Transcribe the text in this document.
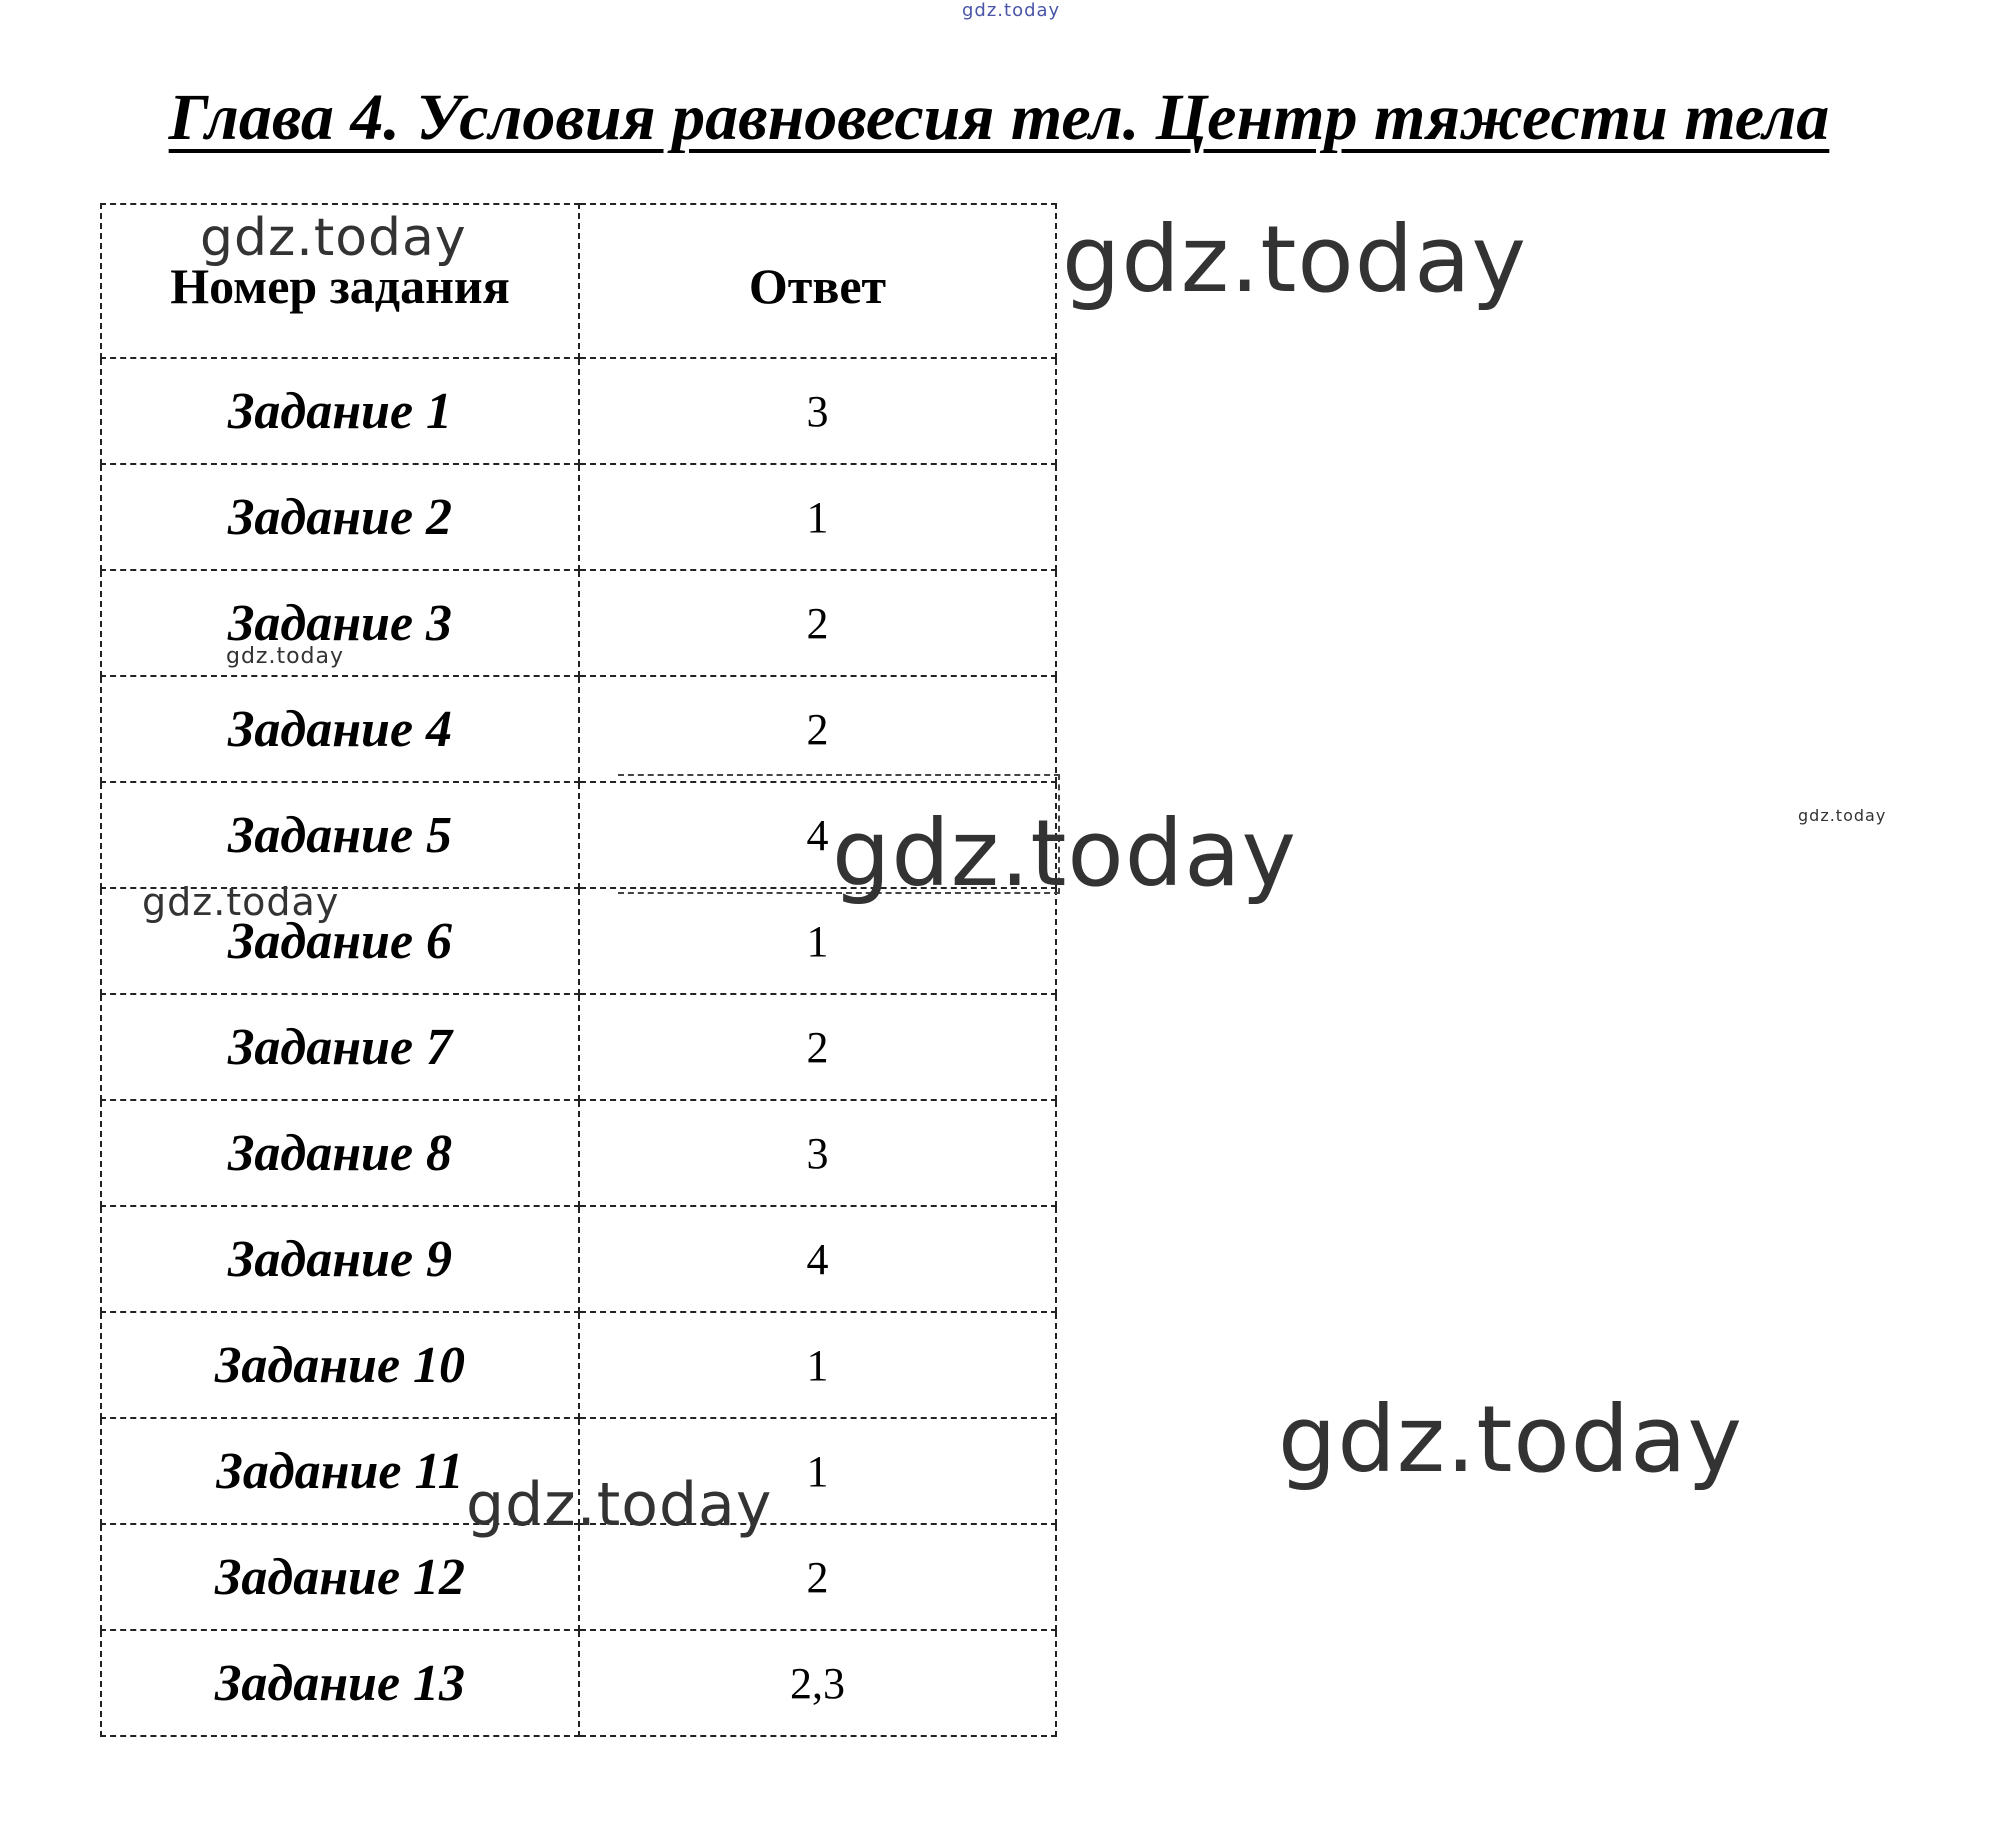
Глава 4. Условия равновесия тел. Центр тяжести тела
Номер задания	Ответ
Задание 1	3
Задание 2	1
Задание 3	2
Задание 4	2
Задание 5	4
Задание 6	1
Задание 7	2
Задание 8	3
Задание 9	4
Задание 10	1
Задание 11	1
Задание 12	2
Задание 13	2,3
gdz.today
gdz.today	gdz.today
gdz.today
gdz.today	gdz.today
gdz.today
gdz.today
gdz.today
